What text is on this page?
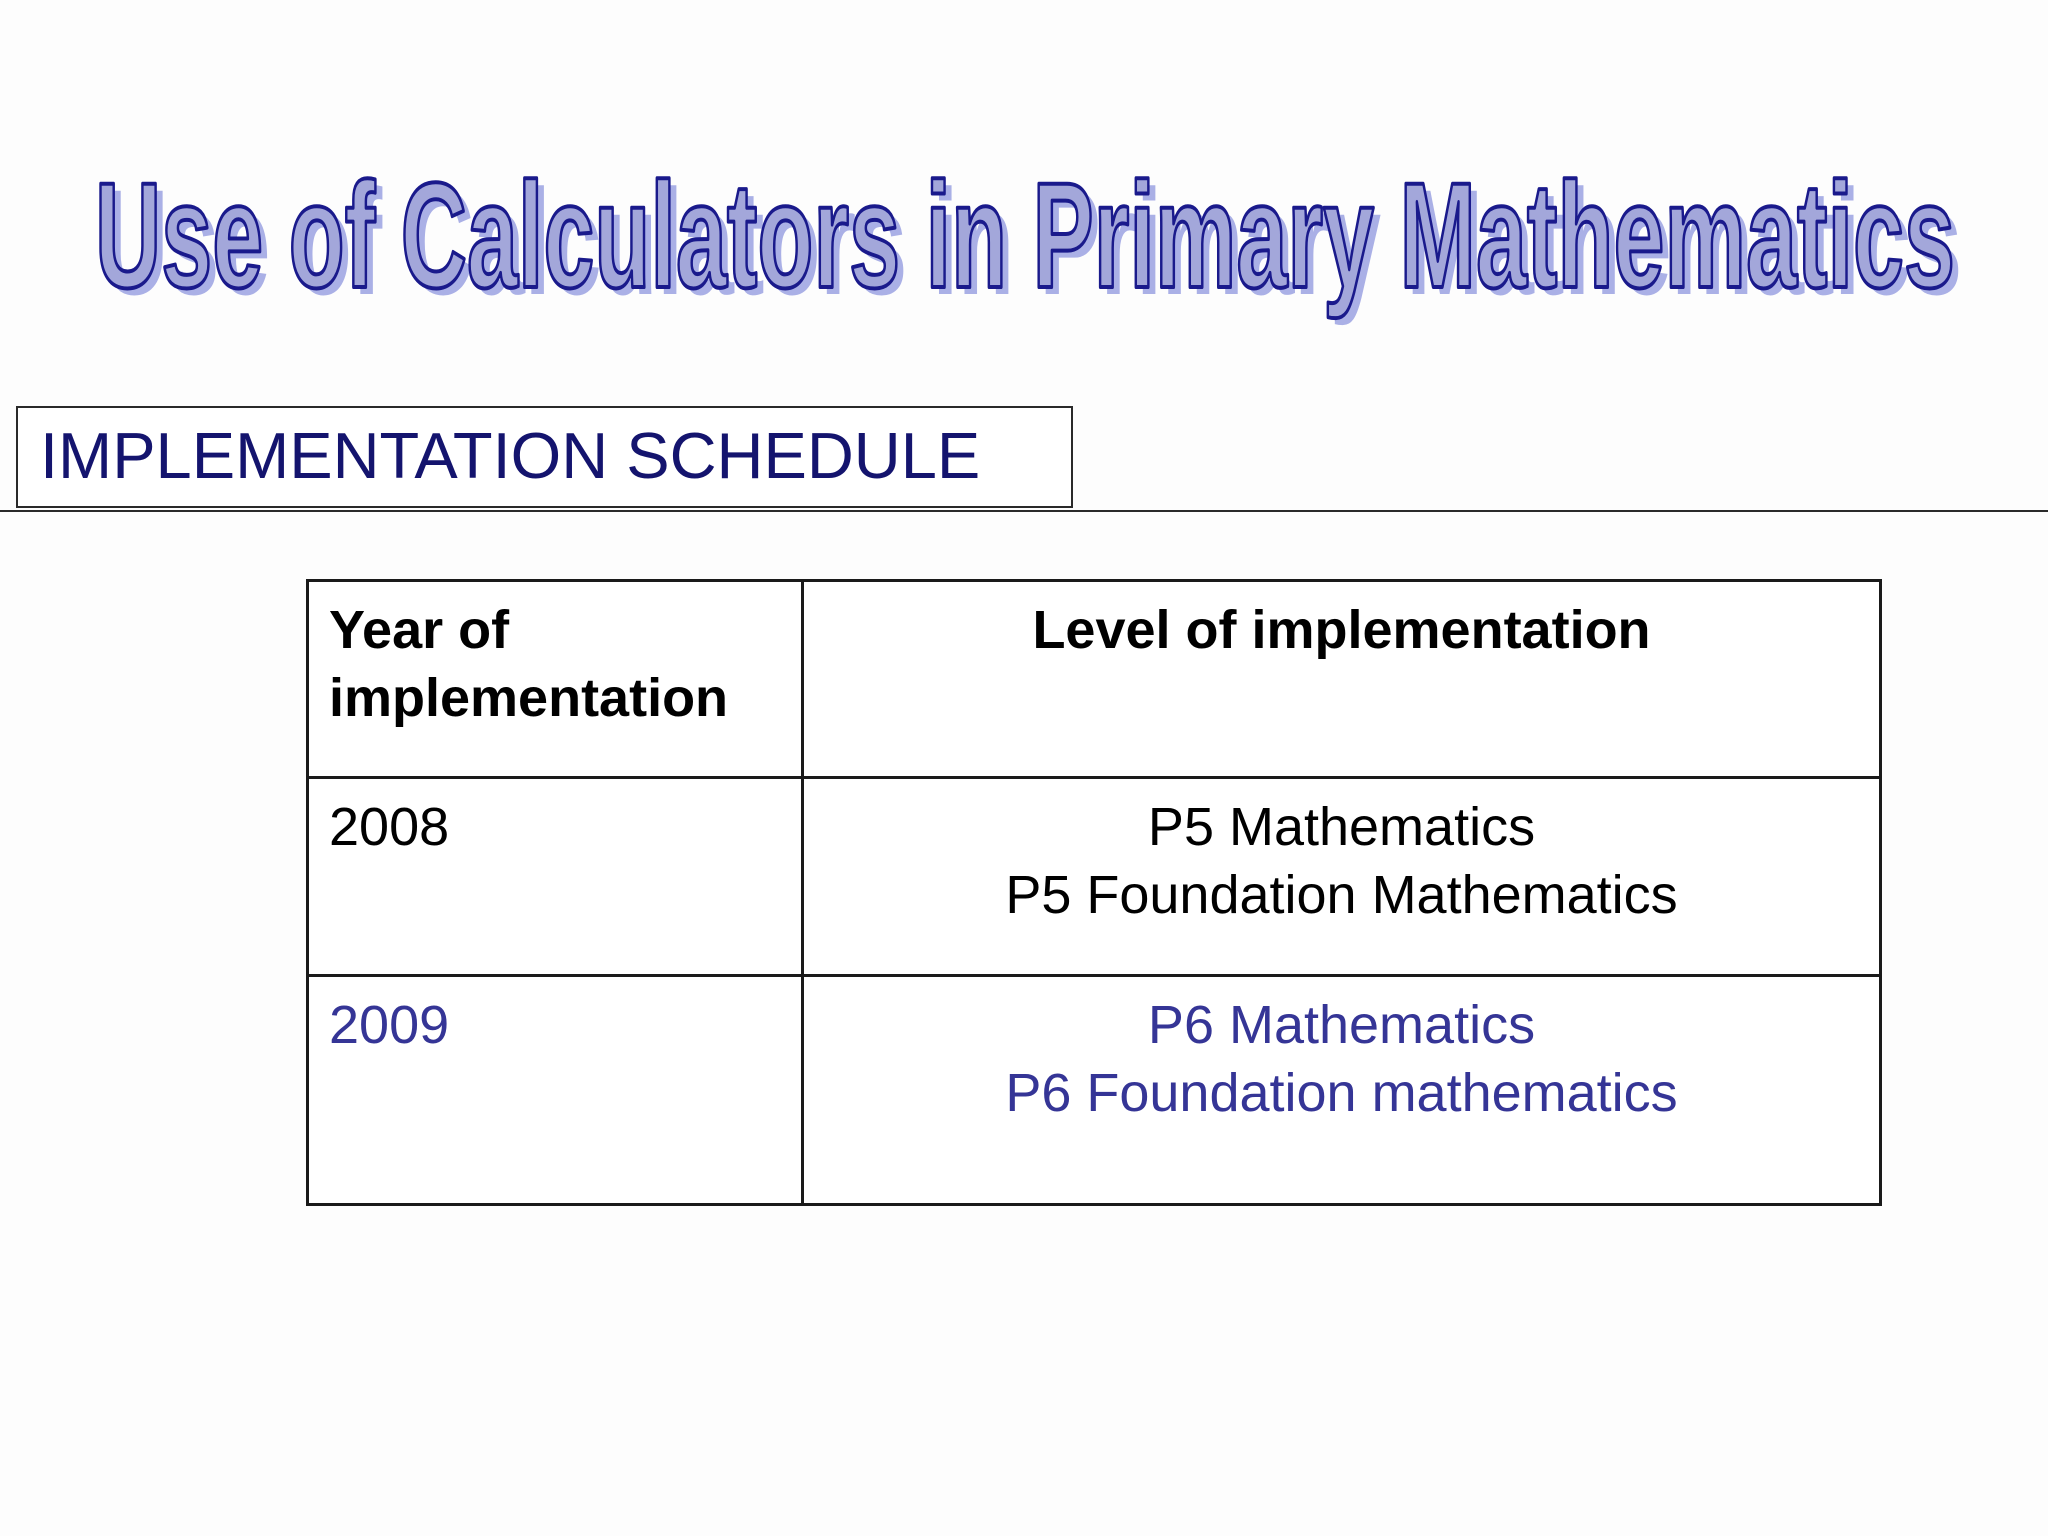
Use of Calculators in Primary Mathematics
Use of Calculators in Primary Mathematics
IMPLEMENTATION SCHEDULE
Year of implementation	Level of implementation
2008	P5 Mathematics
P5 Foundation Mathematics

2009	P6 Mathematics
P6 Foundation mathematics
